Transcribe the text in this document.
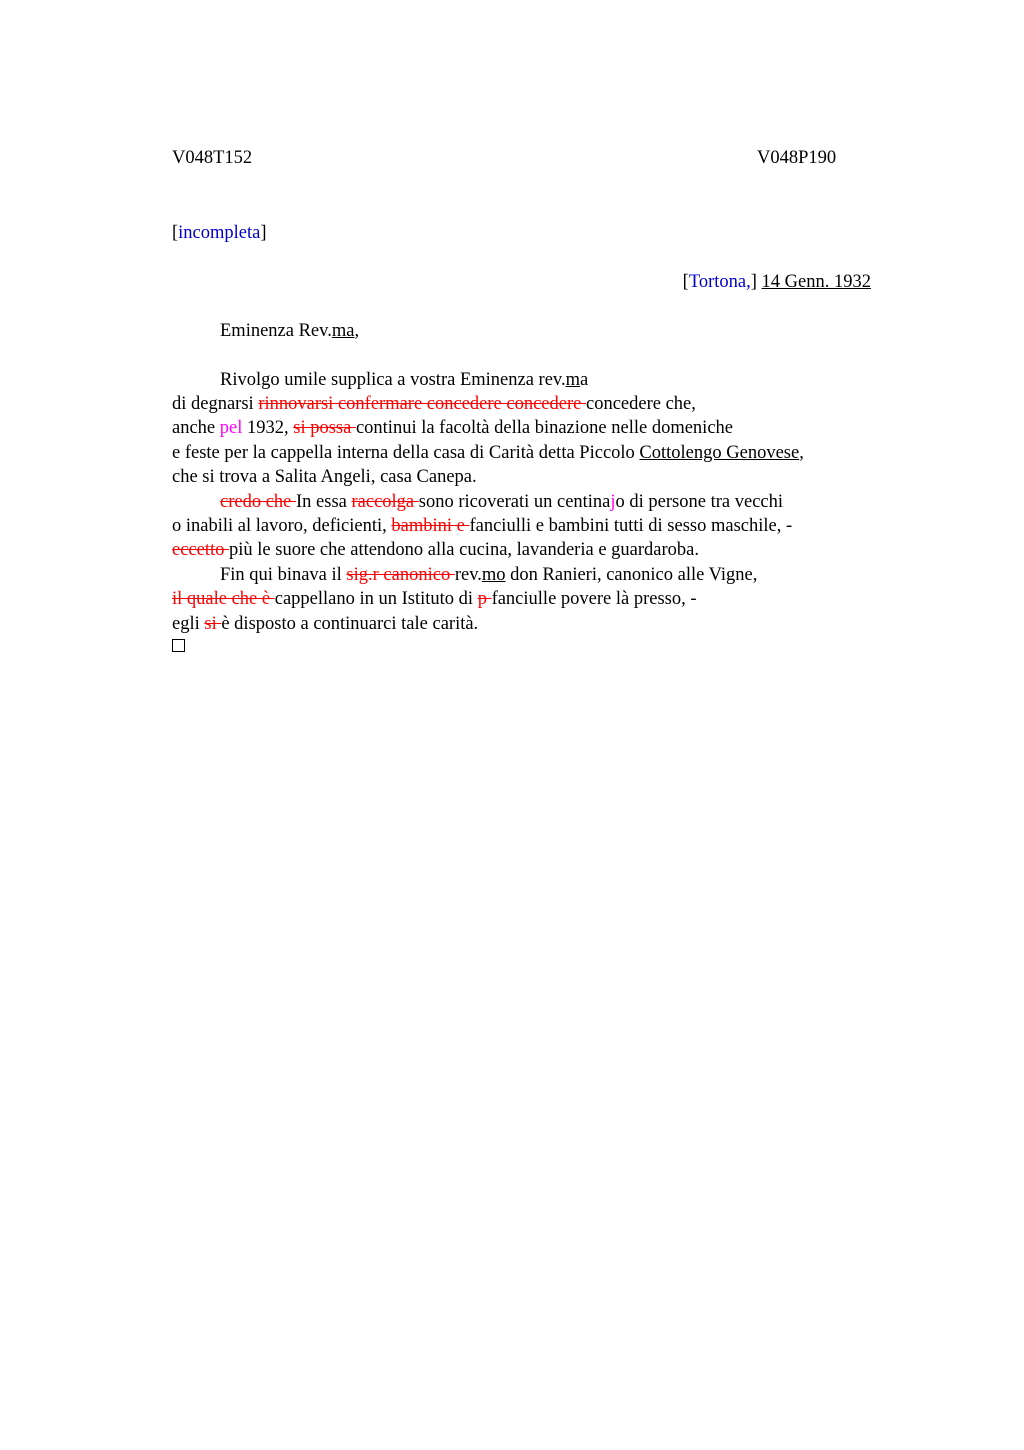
V048T152	V048P190
[incompleta]
[Tortona,] 14 Genn. 1932
Eminenza Rev.ma,
Rivolgo umile supplica a vostra Eminenza rev.ma
di degnarsi rinnovarsi confermare concedere concedere concedere che,
anche pel 1932, si possa continui la facoltà della binazione nelle domeniche
e feste per la cappella interna della casa di Carità detta Piccolo Cottolengo Genovese,
che si trova a Salita Angeli, casa Canepa.
credo che In essa raccolga sono ricoverati un centinajo di persone tra vecchi
o inabili al lavoro, deficienti, bambini e fanciulli e bambini tutti di sesso maschile, -
eccetto più le suore che attendono alla cucina, lavanderia e guardaroba.
Fin qui binava il sig.r canonico rev.mo don Ranieri, canonico alle Vigne,
il quale che è cappellano in un Istituto di p fanciulle povere là presso, -
egli si è disposto a continuarci tale carità.
